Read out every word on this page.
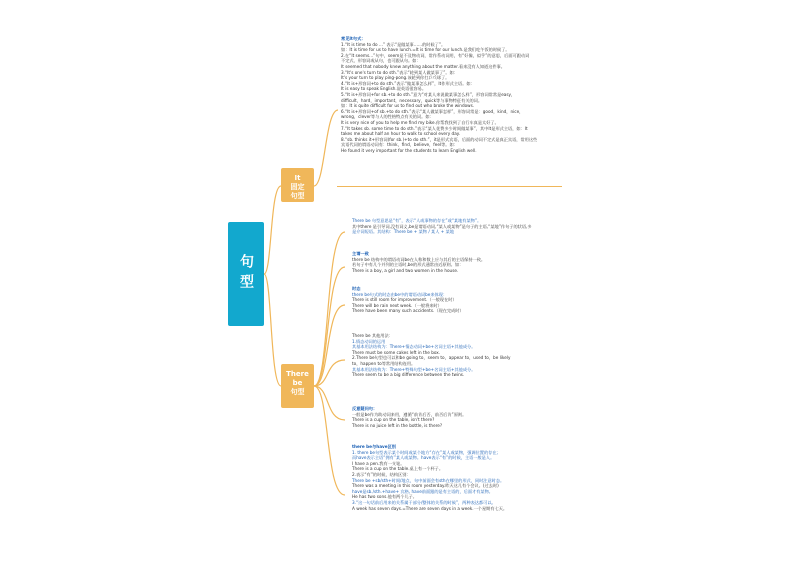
句型
It
固定
句型
There
be
句型
常见It句式：
1.“It is time to do ...” 表示“是做某事……的时候了”。
如：It is time for us to have lunch.=It is time for our lunch.是我们吃午饭的时候了。
2.在“It seems...”句中，seem是不及物动词，常作系动词用，有“好像，似乎”的意思，后面可跟动词
不定式、形容词或从句，也可跟从句。如：
It seemed that nobody knew anything about the matter.看来没有人知道这件事。
3.“It's one's turn to do sth.”表示“轮到某人做某事了”。如：
It's your turn to play ping-pong.该轮到你打乒乓球了。
4.“It is+形容词+to do sth.”表示“做某事怎么样”，It作形式主语。如：
It is easy to speak English.说英语很容易。
5.“It is+形容词+for sb.+to do sth.”意为“对某人来说做某事怎么样”，形容词常常是easy，
difficult，hard，important，necessary，quick等与事物特征有关的词。
如：It is quite difficult for us to find out who broke the windows.
6.“It is+形容词+of sb.+to do sth.”表示“某人做某事怎样”，形容词常是：good，kind，nice，
wrong，clever等与人的性格特点有关的词。如：
It is very nice of you to help me find my bike.你帮我找到了自行车真是太好了。
7.“It takes sb. some time to do sth.”表示“某人花费多少时间做某事”，其中It是形式主语，如：It
takes me about half an hour to walk to school every day.
8.“sb. thinks it+形容词(for sb.)+to do sth.”，it是形式宾语，后面的动词不定式是真正宾语，常用这些
宾语代词的谓语动词有：think，find，believe，feel等。如：
He found it very important for the students to learn English well.
There be 句型意思是“有”，表示“人或事物的存在”或“某地有某物”。
其中there 是引导词,没有词义,be是谓语动词,“某人或某物”是句子的主语,“某地”作句子的状语,多
是介词短语。其结构：There be + 某物 / 某人 + 某地
主谓一致
there be 结构中的谓语动词be在人称和数上应与其后的主语保持一致。
若句子中有几个并列的主语时,be的形式通常由近原则。如：
There is a boy, a girl and two women in the house.
时态
there be句式的时态由be中的谓语动词be来体现：
There is still room for improvement.（一般现在时）
There will be rain next week.（一般将来时）
There have been many such accidents.（现在完成时）
There be 其他用法：
1.情态动词的运用
其基本用法结构为：There+情态动词+be+名词主语+其他成分。
There must be some cakes left in the box.
2.There be句型也可以和be going to，seem to，appear to，used to，be likely
to，happen to等常用结构连用。
其基本用法结构为：There+特殊句型+be+名词主语+其他成分。
There seem to be a big difference between the twins.
反意疑问句：
一般是be作为助动词来用，遵循“前肯后否，前否后肯”原则。
There is a cup on the table, isn't there?
There is no juice left in the bottle, is there?
there be与have区别
1. there be句型表示某个时间或某个地方“存在”某人或某物，强调位置的存在；
而have表示主语“拥有”某人或某物。have表示“有”的时候，主语一般是人。
I have a pen.我有一支笔。
There is a cup on the table.桌上有一个杯子。
2.表示“有”的时候，结构区别：
There be +sb/sth+时间/地点，句中前面会有sth在哪里的形式，同时注意时态。
There was a meeting in this room yesterday.昨天这儿有个会议。(过去时)
have是sb./sth.+have+ 宾格, have前面跟的是有主语的，后面才有某物。
He has two sons.他有两个儿子。
3.“这一句话前后用来的关系属于部分/整体的关系的时候”，两种表达都可以。
A week has seven days.=There are seven days in a week.一个星期有七天。
